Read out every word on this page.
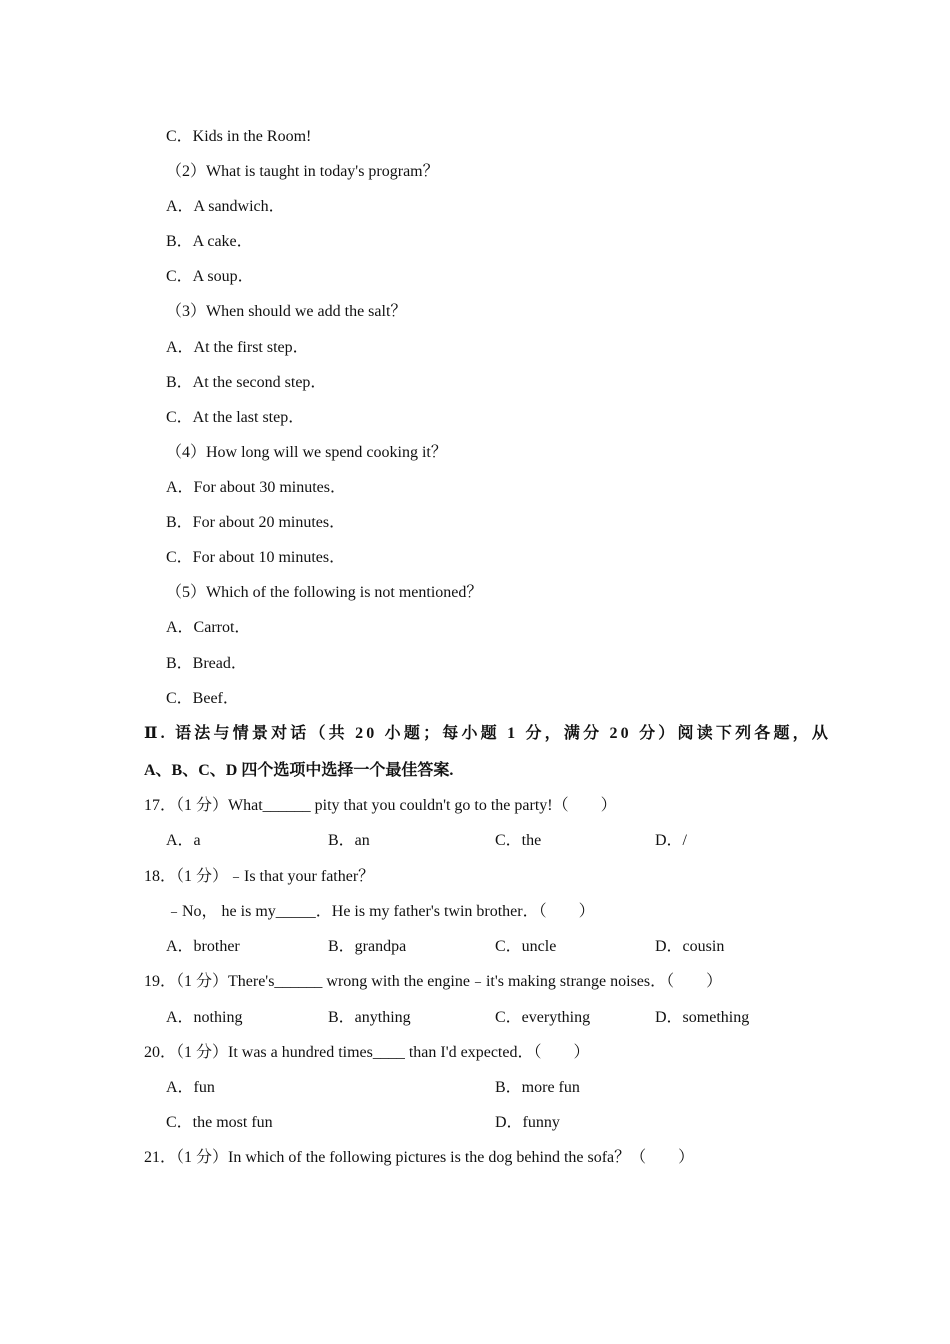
C．Kids in the Room!
（2）What is taught in today's program？
A．A sandwich．
B．A cake．
C．A soup．
（3）When should we add the salt？
A．At the first step．
B．At the second step．
C．At the last step．
（4）How long will we spend cooking it？
A．For about 30 minutes．
B．For about 20 minutes．
C．For about 10 minutes．
（5）Which of the following is not mentioned？
A．Carrot．
B．Bread．
C．Beef．
Ⅱ. 语法与情景对话（共 20 小题；每小题 1 分，满分 20 分）阅读下列各题，从
A、B、C、D 四个选项中选择一个最佳答案.
17．（1 分）What______ pity that you couldn't go to the party!（　　）
A．a	B．an	C．the	D．/
18．（1 分）﹣Is that your father？
﹣No， he is my_____．He is my father's twin brother．（　　）
A．brother	B．grandpa	C．uncle	D．cousin
19．（1 分）There's______ wrong with the engine﹣it's making strange noises．（　　）
A．nothing	B．anything	C．everything	D．something
20．（1 分）It was a hundred times____ than I'd expected．（　　）
A．fun	B．more fun
C．the most fun	D．funny
21．（1 分）In which of the following pictures is the dog behind the sofa？（　　）
